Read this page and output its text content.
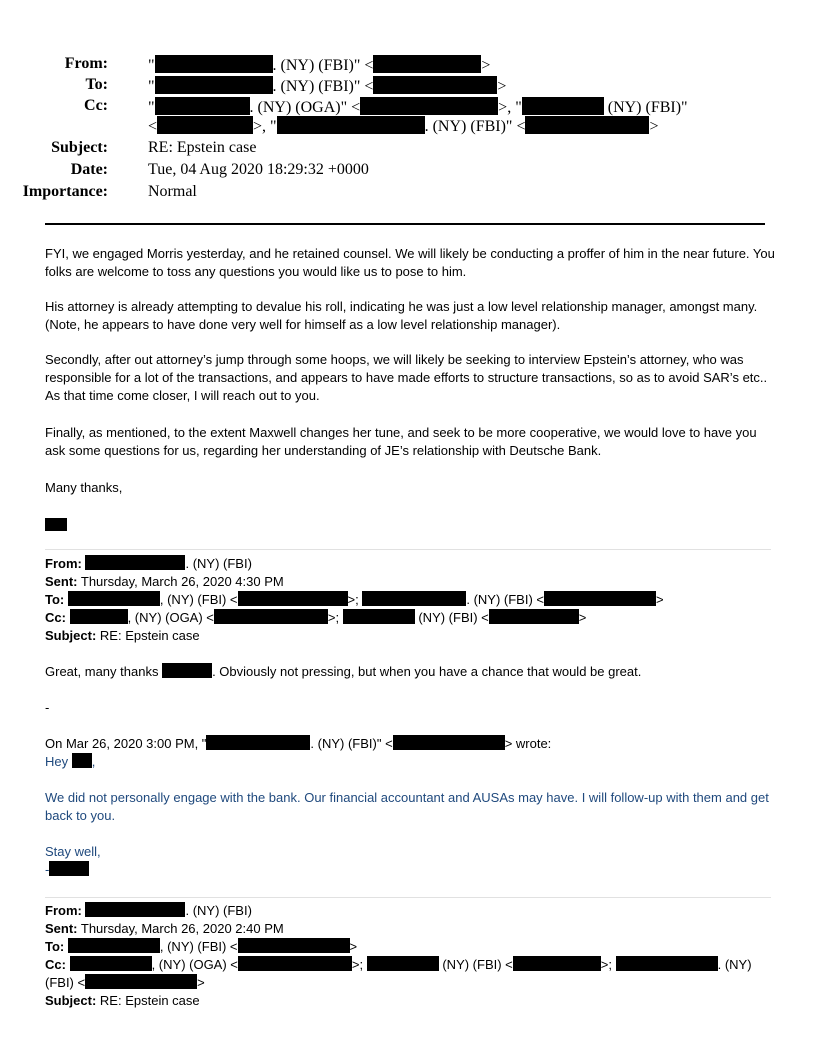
From:	"	. (NY) (FBI)" <	>
To:	"	. (NY) (FBI)" <	>
Cc:	"	. (NY) (OGA)" <	>, "	(NY) (FBI)"
<	>, "	. (NY) (FBI)" <	>
Subject:	RE: Epstein case
Date:	Tue, 04 Aug 2020 18:29:32 +0000
Importance:	Normal
FYI, we engaged Morris yesterday, and he retained counsel. We will likely be conducting a proffer of him in the near future. You folks are welcome to toss any questions you would like us to pose to him.
His attorney is already attempting to devalue his roll, indicating he was just a low level relationship manager, amongst many. (Note, he appears to have done very well for himself as a low level relationship manager).
Secondly, after out attorney’s jump through some hoops, we will likely be seeking to interview Epstein’s attorney, who was responsible for a lot of the transactions, and appears to have made efforts to structure transactions, so as to avoid SAR’s etc.. As that time come closer, I will reach out to you.
Finally, as mentioned, to the extent Maxwell changes her tune, and seek to be more cooperative, we would love to have you ask some questions for us, regarding her understanding of JE’s relationship with Deutsche Bank.
Many thanks,
From:	. (NY) (FBI)
Sent: Thursday, March 26, 2020 4:30 PM
To:	, (NY) (FBI) <	>;	. (NY) (FBI) <	>
Cc:	, (NY) (OGA) <	>;	(NY) (FBI) <	>
Subject: RE: Epstein case
Great, many thanks	. Obviously not pressing, but when you have a chance that would be great.
-
On Mar 26, 2020 3:00 PM, "	. (NY) (FBI)" <	> wrote:
Hey ,
We did not personally engage with the bank. Our financial accountant and AUSAs may have. I will follow-up with them and get back to you.
Stay well,
-
From:	. (NY) (FBI)
Sent: Thursday, March 26, 2020 2:40 PM
To:	, (NY) (FBI) <	>
Cc:	, (NY) (OGA) <	>;	(NY) (FBI) <	>;	. (NY)
(FBI) <	>
Subject: RE: Epstein case
